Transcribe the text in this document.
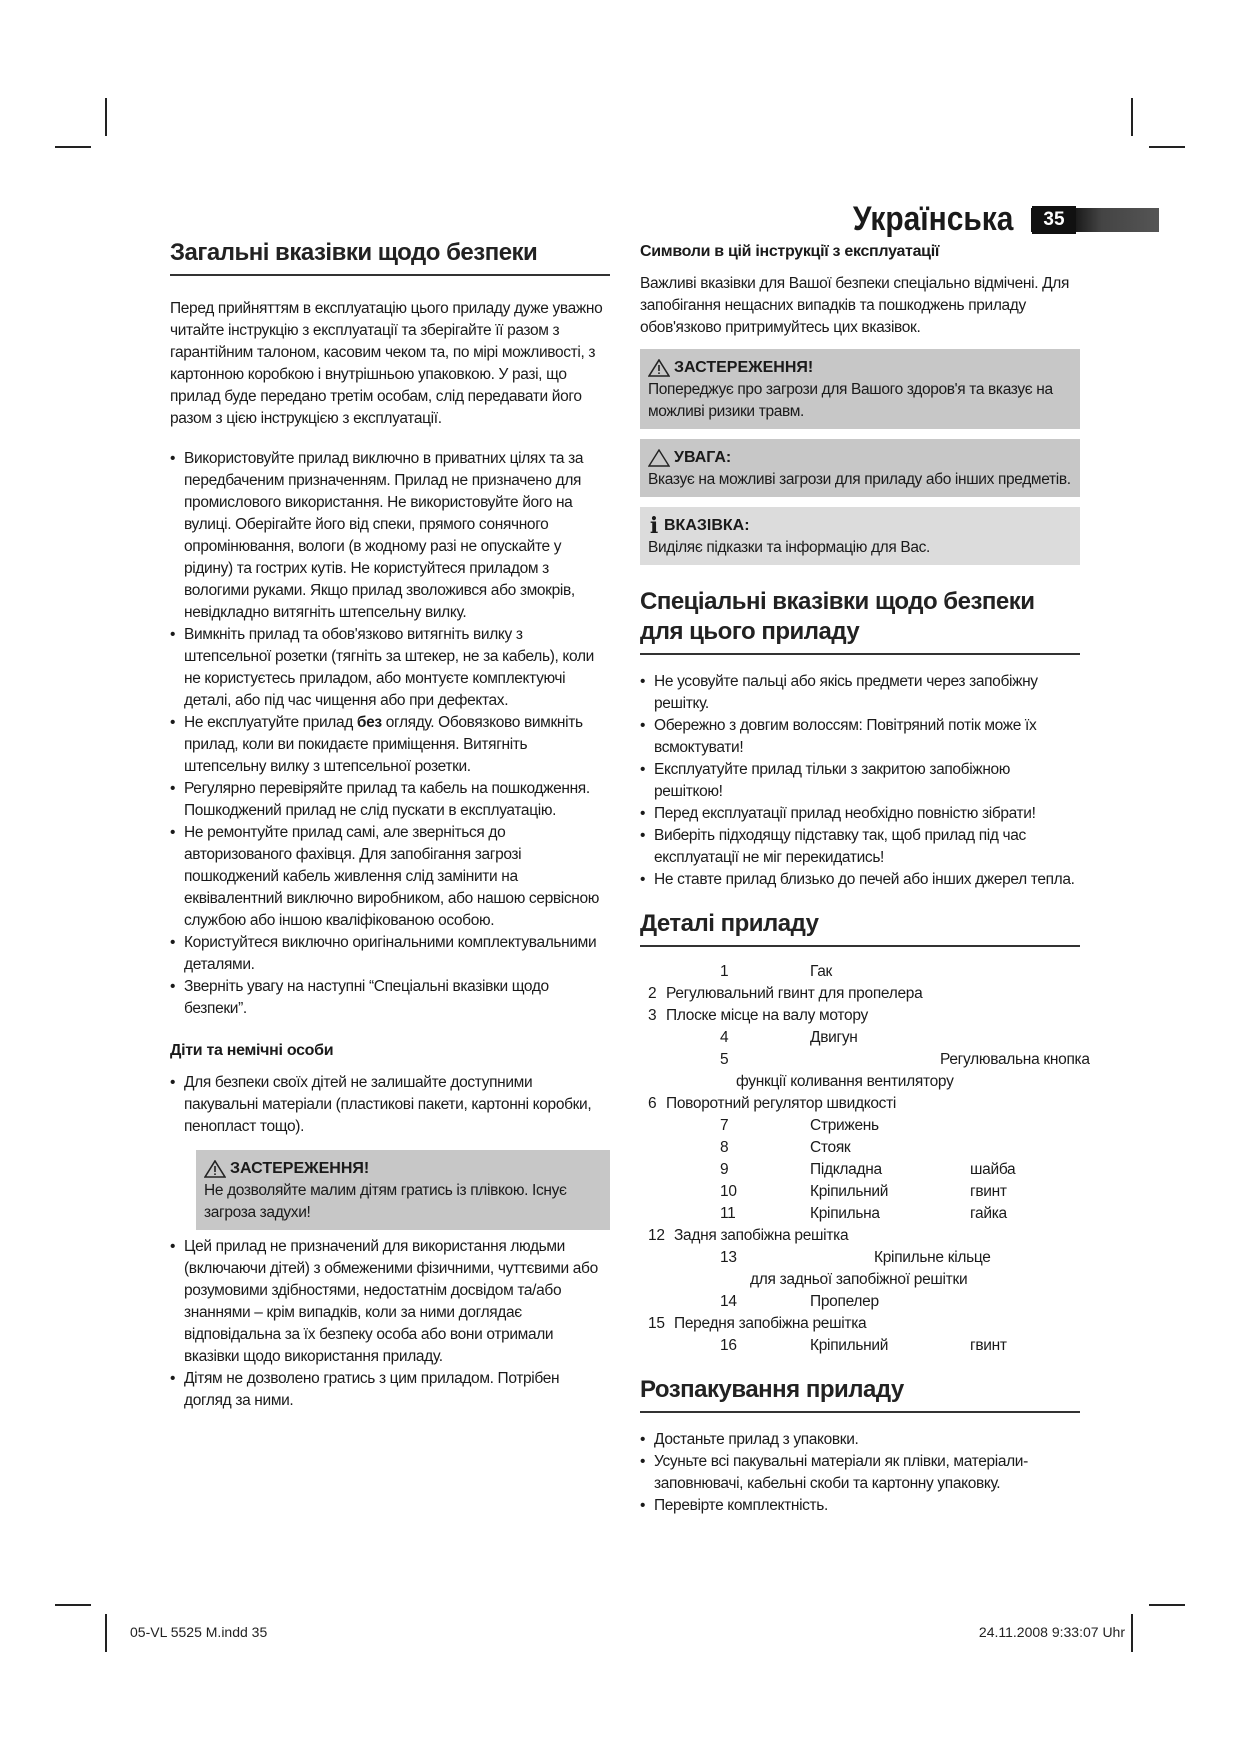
Українська	35
Загальні вказівки щодо безпеки

Перед прийняттям в експлуатацію цього приладу дуже уважно читайте інструкцію з експлуатації та зберігайте її разом з гарантійним талоном, касовим чеком та, по мірі можливості, з картонною коробкою і внутрішньою упаковкою. У разі, що прилад буде передано третім особам, слід передавати його разом з цією інструкцією з експлуатації.

• Використовуйте прилад виключно в приватних цілях та за передбаченим призначенням. Прилад не призначено для промислового використання. Не використовуйте його на вулиці. Оберігайте його від спеки, прямого сонячного опромінювання, вологи (в жодному разі не опускайте у рідину) та гострих кутів. Не користуйтеся приладом з вологими руками. Якщо прилад зволожився або змокрів, невідкладно витягніть штепсельну вилку.
• Вимкніть прилад та обов'язково витягніть вилку з штепсельної розетки (тягніть за штекер, не за кабель), коли не користуєтесь приладом, або монтуєте комплектуючі деталі, або під час чищення або при дефектах.
• Не експлуатуйте прилад без огляду. Обовязково вимкніть прилад, коли ви покидаєте приміщення. Витягніть штепсельну вилку з штепсельної розетки.
• Регулярно перевіряйте прилад та кабель на пошкодження. Пошкоджений прилад не слід пускати в експлуатацію.
• Не ремонтуйте прилад самі, але зверніться до авторизованого фахівця. Для запобігання загрозі пошкоджений кабель живлення слід замінити на еквівалентний виключно виробником, або нашою сервісною службою або іншою кваліфікованою особою.
• Користуйтеся виключно оригінальними комплектувальними деталями.
• Зверніть увагу на наступні “Спеціальні вказівки щодо безпеки”.
Діти та немічні особи
• Для безпеки своїх дітей не залишайте доступними пакувальні матеріали (пластикові пакети, картонні коробки, пенопласт тощо).
ЗАСТЕРЕЖЕННЯ!
Не дозволяйте малим дітям гратись із плівкою. Існує загроза задухи!
• Цей прилад не призначений для використання людьми (включаючи дітей) з обмеженими фізичними, чуттєвими або розумовими здібностями, недостатнім досвідом та/або знаннями – крім випадків, коли за ними доглядає відповідальна за їх безпеку особа або вони отримали вказівки щодо використання приладу.
• Дітям не дозволено гратись з цим приладом. Потрібен догляд за ними.
Символи в цій інструкції з експлуатації

Важливі вказівки для Вашої безпеки спеціально відмічені. Для запобігання нещасних випадків та пошкоджень приладу обов'язково притримуйтесь цих вказівок.

ЗАСТЕРЕЖЕННЯ!
Попереджує про загрози для Вашого здоров'я та вказує на можливі ризики травм.
УВАГА:
Вказує на можливі загрози для приладу або інших предметів.
i ВКАЗІВКА:
Виділяє підказки та інформацію для Вас.
Спеціальні вказівки щодо безпеки
для цього приладу
• Не усовуйте пальці або якісь предмети через запобіжну решітку.
• Обережно з довгим волоссям: Повітряний потік може їх всмоктувати!
• Експлуатуйте прилад тільки з закритою запобіжною решіткою!
• Перед експлуатації прилад необхідно повністю зібрати!
• Виберіть підходящу підставку так, щоб прилад під час експлуатації не міг перекидатись!
• Не ставте прилад близько до печей або інших джерел тепла.
Деталі приладу
1	Гак
2 Регулювальний гвинт для пропелера
3 Плоске місце на валу мотору
4	Двигун
5	Регулювальна кнопка
функції коливання вентилятору
6 Поворотний регулятор швидкості
7	Стрижень
8	Стояк
9	Підкладна	шайба
10	Кріпильний	гвинт
11	Кріпильна	гайка
12 Задня запобіжна решітка
13	Кріпильне кільце
для задньої запобіжної решітки
14	Пропелер
15 Передня запобіжна решітка
16	Кріпильний	гвинт
Розпакування приладу
• Достаньте прилад з упаковки.
• Усуньте всі пакувальні матеріали як плівки, матеріали-заповнювачі, кабельні скоби та картонну упаковку.
• Перевірте комплектність.
05-VL 5525 M.indd 35	24.11.2008 9:33:07 Uhr
